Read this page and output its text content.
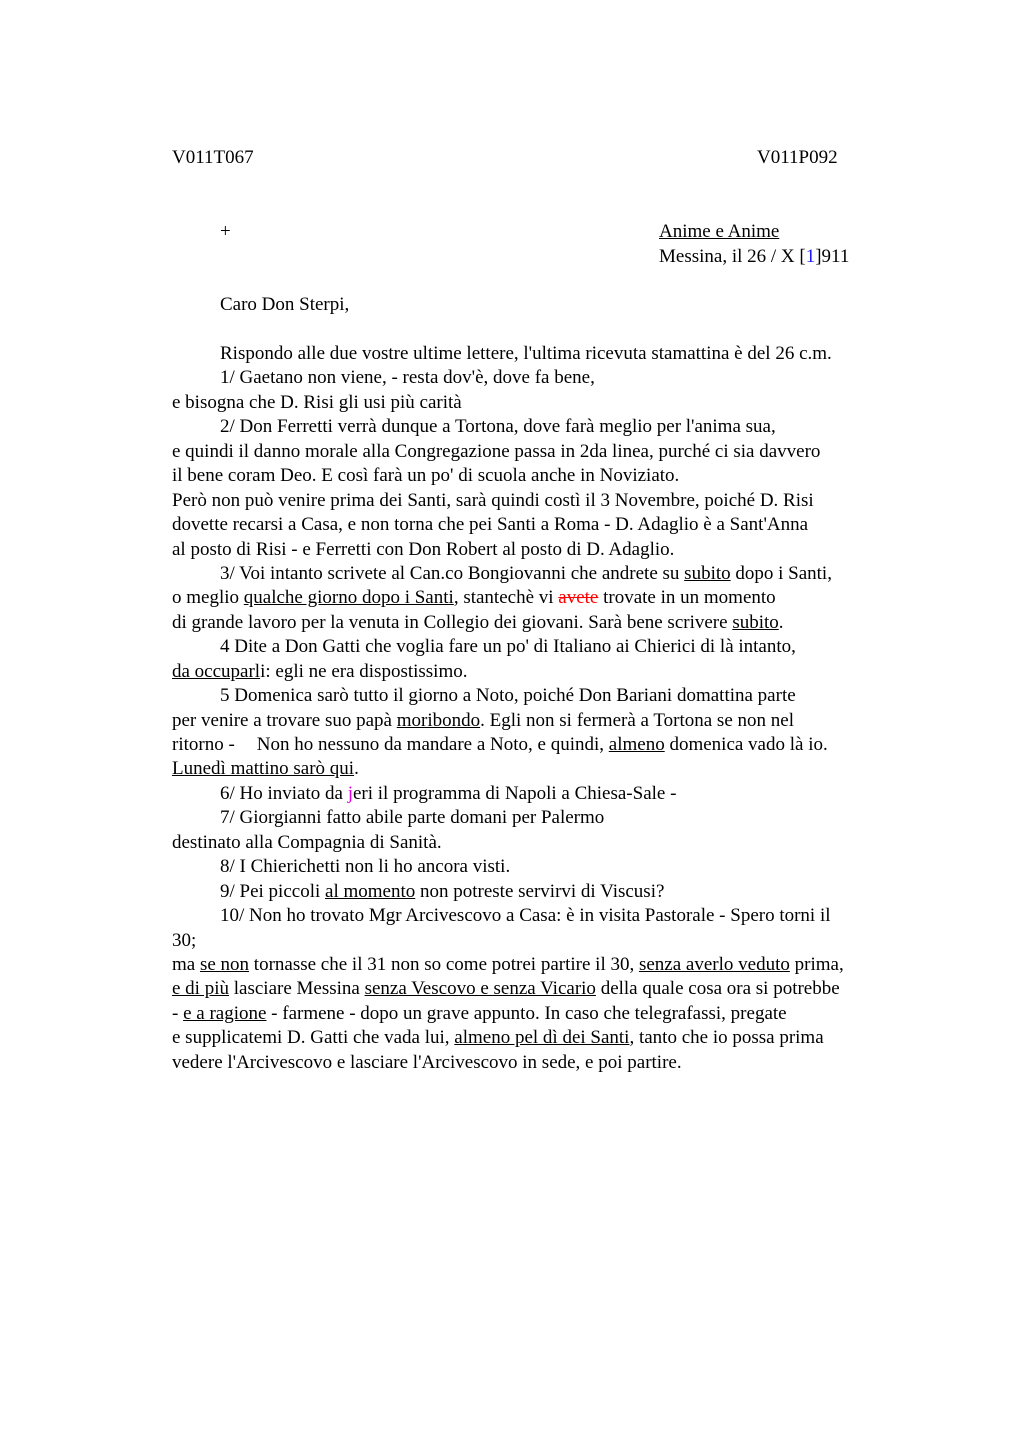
V011T067	V011P092
+	Anime e Anime
Messina, il 26 / X [1]911
Caro Don Sterpi,
Rispondo alle due vostre ultime lettere, l'ultima ricevuta stamattina è del 26 c.m.
1/ Gaetano non viene, - resta dov'è, dove fa bene,
e bisogna che D. Risi gli usi più carità
2/ Don Ferretti verrà dunque a Tortona, dove farà meglio per l'anima sua,
e quindi il danno morale alla Congregazione passa in 2da linea, purché ci sia davvero
il bene coram Deo. E così farà un po' di scuola anche in Noviziato.
Però non può venire prima dei Santi, sarà quindi costì il 3 Novembre, poiché D. Risi
dovette recarsi a Casa, e non torna che pei Santi a Roma - D. Adaglio è a Sant'Anna
al posto di Risi - e Ferretti con Don Robert al posto di D. Adaglio.
3/ Voi intanto scrivete al Can.co Bongiovanni che andrete su subito dopo i Santi,
o meglio qualche giorno dopo i Santi, stantechè vi avete trovate in un momento
di grande lavoro per la venuta in Collegio dei giovani. Sarà bene scrivere subito.
4 Dite a Don Gatti che voglia fare un po' di Italiano ai Chierici di là intanto,
da occuparli: egli ne era dispostissimo.
5 Domenica sarò tutto il giorno a Noto, poiché Don Bariani domattina parte
per venire a trovare suo papà moribondo. Egli non si fermerà a Tortona se non nel
ritorno - Non ho nessuno da mandare a Noto, e quindi, almeno domenica vado là io.
Lunedì mattino sarò qui.
6/ Ho inviato da jeri il programma di Napoli a Chiesa-Sale -
7/ Giorgianni fatto abile parte domani per Palermo
destinato alla Compagnia di Sanità.
8/ I Chierichetti non li ho ancora visti.
9/ Pei piccoli al momento non potreste servirvi di Viscusi?
10/ Non ho trovato Mgr Arcivescovo a Casa: è in visita Pastorale - Spero torni il
30;
ma se non tornasse che il 31 non so come potrei partire il 30, senza averlo veduto prima,
e di più lasciare Messina senza Vescovo e senza Vicario della quale cosa ora si potrebbe
- e a ragione - farmene - dopo un grave appunto. In caso che telegrafassi, pregate
e supplicatemi D. Gatti che vada lui, almeno pel dì dei Santi, tanto che io possa prima
vedere l'Arcivescovo e lasciare l'Arcivescovo in sede, e poi partire.
